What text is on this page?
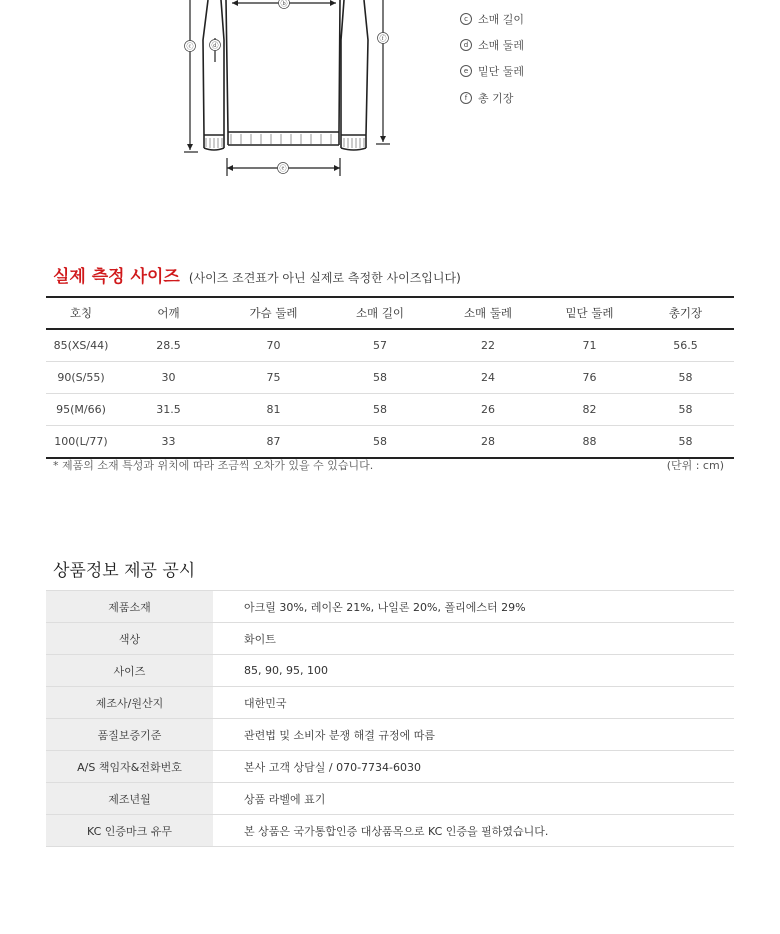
ⓑ
ⓒ	ⓓ
ⓕ
ⓔ
c 소매 길이
d 소매 둘레
e 밑단 둘레
f 총 기장
실제 측정 사이즈 (사이즈 조견표가 아닌 실제로 측정한 사이즈입니다)
호칭	어깨	가슴 둘레	소매 길이	소매 둘레	밑단 둘레	총기장
85(XS/44)	28.5	70	57	22	71	56.5
90(S/55)	30	75	58	24	76	58
95(M/66)	31.5	81	58	26	82	58
100(L/77)	33	87	58	28	88	58
* 제품의 소재 특성과 위치에 따라 조금씩 오차가 있을 수 있습니다.	(단위 : cm)
상품정보 제공 공시
제품소재	아크릴 30%, 레이온 21%, 나일론 20%, 폴리에스터 29%
색상	화이트
사이즈	85, 90, 95, 100
제조사/원산지	대한민국
품질보증기준	관련법 및 소비자 분쟁 해결 규정에 따름
A/S 책임자&전화번호	본사 고객 상담실 / 070-7734-6030
제조년월	상품 라벨에 표기
KC 인증마크 유무	본 상품은 국가통합인증 대상품목으로 KC 인증을 필하였습니다.
